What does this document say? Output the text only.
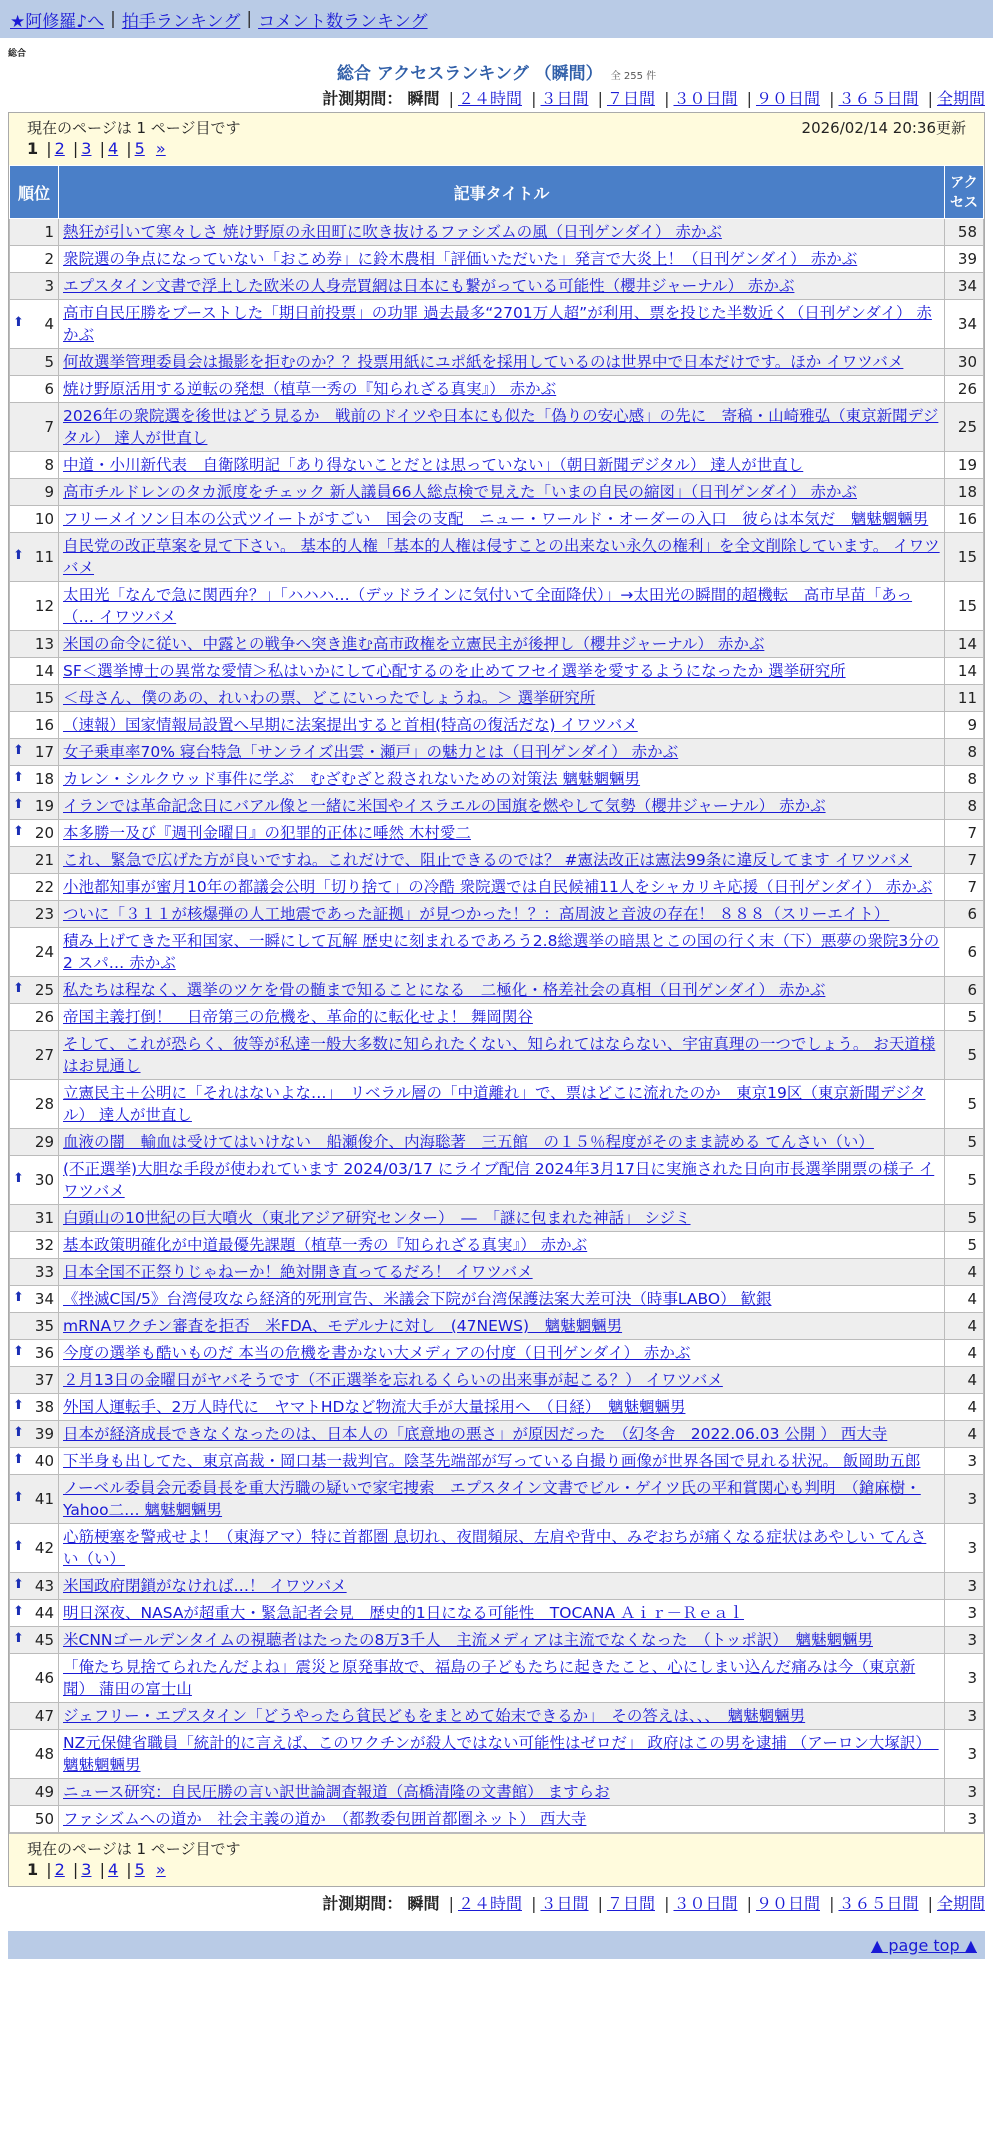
★阿修羅♪へ | 拍手ランキング | コメント数ランキング
総合
総合 アクセスランキング （瞬間） 全 255 件
計測期間： 瞬間 | ２４時間 | ３日間 | ７日間 | ３０日間 | ９０日間 | ３６５日間 | 全期間
現在のページは 1 ページ目です	2026/02/14 20:36更新
1 | 2 | 3 | 4 | 5 »
順位	記事タイトル	アクセス
1	熱狂が引いて寒々しさ 焼け野原の永田町に吹き抜けるファシズムの風（日刊ゲンダイ） 赤かぶ	58
2	衆院選の争点になっていない「おこめ券」に鈴木農相「評価いただいた」発言で大炎上！（日刊ゲンダイ） 赤かぶ	39
3	エプスタイン文書で浮上した欧米の人身売買網は日本にも繋がっている可能性（櫻井ジャーナル） 赤かぶ	34

⬆ 4	高市自民圧勝をブーストした「期日前投票」の功罪 過去最多“2701万人超”が利用、票を投じた半数近く（日刊ゲンダイ） 赤かぶ	34
5	何故選挙管理委員会は撮影を拒むのか？？投票用紙にユポ紙を採用しているのは世界中で日本だけです。ほか イワツバメ	30
6	焼け野原活用する逆転の発想（植草一秀の『知られざる真実』） 赤かぶ	26
7	2026年の衆院選を後世はどう見るか　戦前のドイツや日本にも似た「偽りの安心感」の先に　寄稿・山崎雅弘（東京新聞デジタル） 達人が世直し	25
8	中道・小川新代表　自衛隊明記「あり得ないことだとは思っていない」（朝日新聞デジタル） 達人が世直し	19
9	高市チルドレンのタカ派度をチェック 新人議員66人総点検で見えた「いまの自民の縮図」（日刊ゲンダイ） 赤かぶ	18
10	フリーメイソン日本の公式ツイートがすごい　国会の支配　ニュー・ワールド・オーダーの入口　彼らは本気だ　魑魅魍魎男	16

⬆ 11	自民党の改正草案を見て下さい。 基本的人権「基本的人権は侵すことの出来ない永久の権利」を全文削除しています。 イワツバメ	15
12	太田光「なんで急に関西弁？」「ハハハ…（デッドラインに気付いて全面降伏）」→太田光の瞬間的超機転　高市早苗「あっ（… イワツバメ	15
13	米国の命令に従い、中露との戦争へ突き進む高市政権を立憲民主が後押し（櫻井ジャーナル） 赤かぶ	14
14	SF＜選挙博士の異常な愛情＞私はいかにして心配するのを止めてフセイ選挙を愛するようになったか 選挙研究所	14
15	＜母さん、僕のあの、れいわの票、どこにいったでしょうね。＞ 選挙研究所	11
16	（速報）国家情報局設置へ早期に法案提出すると首相(特高の復活だな) イワツバメ	9

⬆ 17	女子乗車率70% 寝台特急「サンライズ出雲・瀬戸」の魅力とは（日刊ゲンダイ） 赤かぶ	8

⬆ 18	カレン・シルクウッド事件に学ぶ　むざむざと殺されないための対策法 魑魅魍魎男	8

⬆ 19	イランでは革命記念日にバアル像と一緒に米国やイスラエルの国旗を燃やして気勢（櫻井ジャーナル） 赤かぶ	8

⬆ 20	本多勝一及び『週刊金曜日』の犯罪的正体に唾然 木村愛二	7
21	これ、緊急で広げた方が良いですね。これだけで、阻止できるのでは？ #憲法改正は憲法99条に違反してます イワツバメ	7
22	小池都知事が蜜月10年の都議会公明「切り捨て」の冷酷 衆院選では自民候補11人をシャカリキ応援（日刊ゲンダイ） 赤かぶ	7
23	ついに「３１１が核爆弾の人工地震であった証拠」が見つかった！？：高周波と音波の存在！ ８８８（スリーエイト）	6
24	積み上げてきた平和国家、一瞬にして瓦解 歴史に刻まれるであろう2.8総選挙の暗黒とこの国の行く末（下）悪夢の衆院3分の2 スパ… 赤かぶ	6

⬆ 25	私たちは程なく、選挙のツケを骨の髄まで知ることになる　二極化・格差社会の真相（日刊ゲンダイ） 赤かぶ	6
26	帝国主義打倒！　日帝第三の危機を、革命的に転化せよ！ 舞岡関谷	5
27	そして、これが恐らく、彼等が私達一般大多数に知られたくない、知られてはならない、宇宙真理の一つでしょう。 お天道様はお見通し	5
28	立憲民主＋公明に「それはないよな…」　リベラル層の「中道離れ」で、票はどこに流れたのか　東京19区（東京新聞デジタル） 達人が世直し	5
29	血液の闇　輸血は受けてはいけない　船瀬俊介、内海聡著　三五館　の１５％程度がそのまま読める てんさい（い）	5

⬆ 30	(不正選挙)大胆な手段が使われています 2024/03/17 にライブ配信 2024年3月17日に実施された日向市長選挙開票の様子 イワツバメ	5
31	白頭山の10世紀の巨大噴火（東北アジア研究センター）　―　「謎に包まれた神話」 シジミ	5
32	基本政策明確化が中道最優先課題（植草一秀の『知られざる真実』） 赤かぶ	5
33	日本全国不正祭りじゃねーか！絶対開き直ってるだろ！ イワツバメ	4

⬆ 34	《挫滅C国/5》台湾侵攻なら経済的死刑宣告、米議会下院が台湾保護法案大差可決（時事LABO） 歓銀	4
35	mRNAワクチン審査を拒否　米FDA、モデルナに対し　(47NEWS)　魑魅魍魎男	4

⬆ 36	今度の選挙も酷いものだ 本当の危機を書かない大メディアの付度（日刊ゲンダイ） 赤かぶ	4
37	２月13日の金曜日がヤバそうです（不正選挙を忘れるくらいの出来事が起こる？） イワツバメ	4

⬆ 38	外国人運転手、2万人時代に　ヤマトHDなど物流大手が大量採用へ　（日経）　魑魅魍魎男	4

⬆ 39	日本が経済成長できなくなったのは、日本人の「底意地の悪さ」が原因だった　（幻冬舎　2022.06.03 公開 ） 西大寺	4

⬆ 40	下半身も出してた、東京高裁・岡口基一裁判官。陰茎先端部が写っている自撮り画像が世界各国で見れる状況。 飯岡助五郎	3

⬆ 41	ノーベル委員会元委員長を重大汚職の疑いで家宅捜索　エプスタイン文書でビル・ゲイツ氏の平和賞関心も判明　（鎗麻樹・Yahoo二… 魑魅魍魎男	3

⬆ 42	心筋梗塞を警戒せよ！（東海アマ）特に首都圏 息切れ、夜間頻尿、左肩や背中、みぞおちが痛くなる症状はあやしい てんさい（い）	3

⬆ 43	米国政府閉鎖がなければ…！ イワツバメ	3

⬆ 44	明日深夜、NASAが超重大・緊急記者会見　歴史的1日になる可能性　TOCANA Ａｉｒ－Ｒｅａｌ	3

⬆ 45	米CNNゴールデンタイムの視聴者はたったの8万3千人　主流メディアは主流でなくなった　（トッポ訳）　魑魅魍魎男	3
46	「俺たち見捨てられたんだよね」震災と原発事故で、福島の子どもたちに起きたこと、心にしまい込んだ痛みは今（東京新聞） 蒲田の富士山	3
47	ジェフリー・エプスタイン「どうやったら貧民どもをまとめて始末できるか」　その答えは、、、　魑魅魍魎男	3
48	NZ元保健省職員「統計的に言えば、このワクチンが殺人ではない可能性はゼロだ」 政府はこの男を逮捕 （アーロン大塚訳）　魑魅魍魎男	3
49	ニュース研究：自民圧勝の言い訳世論調査報道（高橋清隆の文書館） ますらお	3
50	ファシズムへの道か　社会主義の道か　（都教委包囲首都圏ネット） 西大寺	3
現在のページは 1 ページ目です
1 | 2 | 3 | 4 | 5 »
計測期間： 瞬間 | ２４時間 | ３日間 | ７日間 | ３０日間 | ９０日間 | ３６５日間 | 全期間
▲ page top ▲
